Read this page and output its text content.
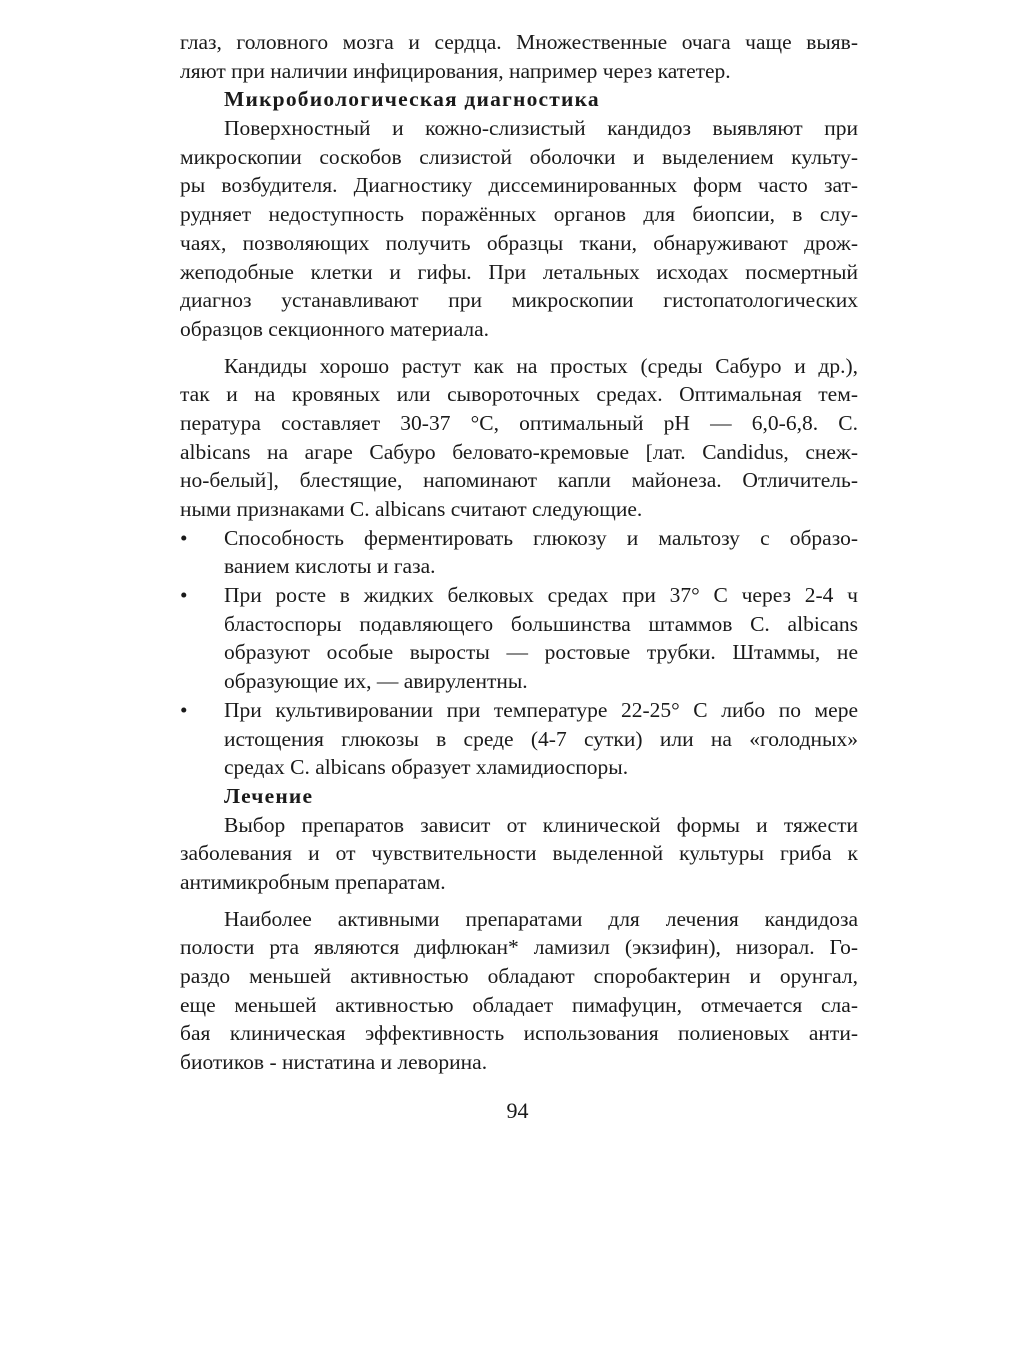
глаз, головного мозга и сердца. Множественные очага чаще выяв-
ляют при наличии инфицирования, например через катетер.
Микробиологическая диагностика
Поверхностный и кожно-слизистый кандидоз выявляют при
микроскопии соскобов слизистой оболочки и выделением культу-
ры возбудителя. Диагностику диссеминированных форм часто зат-
рудняет недоступность поражённых органов для биопсии, в слу-
чаях, позволяющих получить образцы ткани, обнаруживают дрож-
жеподобные клетки и гифы. При летальных исходах посмертный
диагноз устанавливают при микроскопии гистопатологических
образцов секционного материала.
Кандиды хорошо растут как на простых (среды Сабуро и др.),
так и на кровяных или сывороточных средах. Оптимальная тем-
пература составляет 30-37 °С, оптимальный рН — 6,0-6,8. С.
albicans на агаре Сабуро беловато-кремовые [лат. Candidus, снеж-
но-белый], блестящие, напоминают капли майонеза. Отличитель-
ными признаками С. albicans считают следующие.
•	Способность ферментировать глюкозу и мальтозу с образо-
ванием кислоты и газа.
•	При росте в жидких белковых средах при 37° С через 2-4 ч
бластоспоры подавляющего большинства штаммов С. albicans
образуют особые выросты — ростовые трубки. Штаммы, не
образующие их, — авирулентны.
•	При культивировании при температуре 22-25° С либо по мере
истощения глюкозы в среде (4-7 сутки) или на «голодных»
средах С. albicans образует хламидиоспоры.
Лечение
Выбор препаратов зависит от клинической формы и тяжести
заболевания и от чувствительности выделенной культуры гриба к
антимикробным препаратам.
Наиболее активными препаратами для лечения кандидоза
полости рта являются дифлюкан* ламизил (экзифин), низорал. Го-
раздо меньшей активностью обладают споробактерин и орунгал,
еще меньшей активностью обладает пимафуцин, отмечается сла-
бая клиническая эффективность использования полиеновых анти-
биотиков - нистатина и леворина.
94
